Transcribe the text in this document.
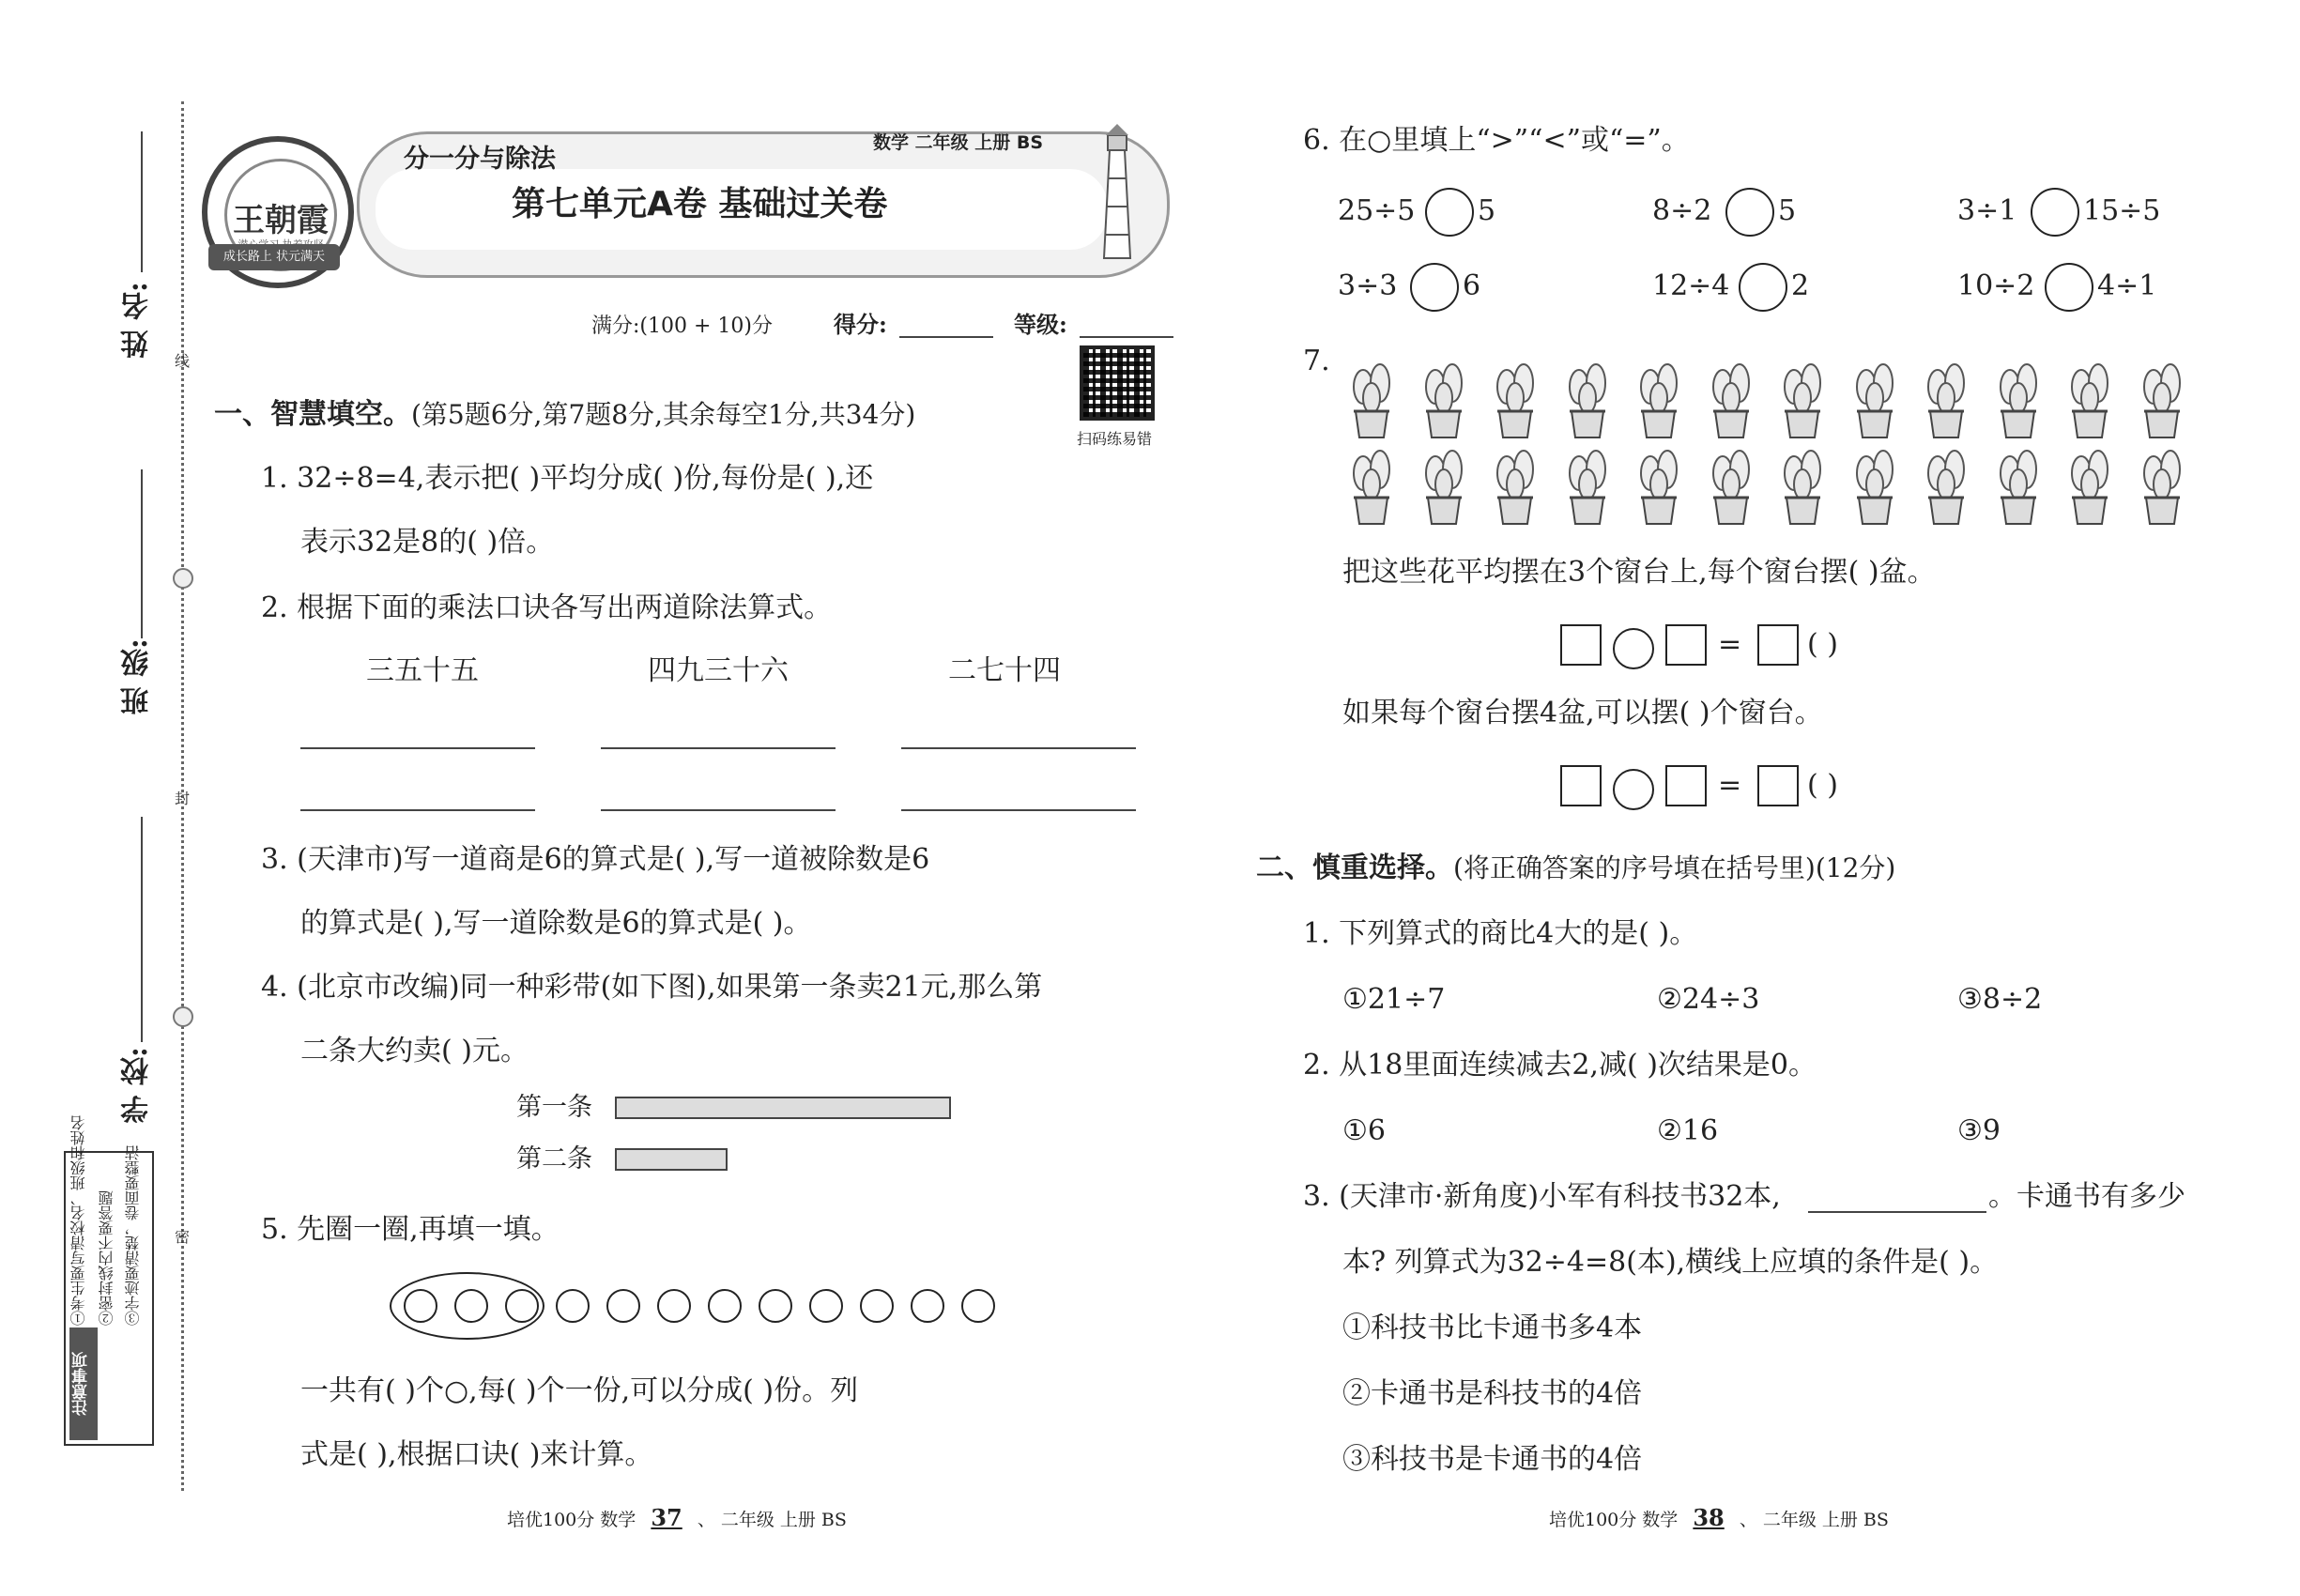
姓 名:
班 级:
学 校:
线
封
密
注意事项
①考生要写清校名、班级和姓名 ②密封线内不要答题 ③字迹要清楚，卷面要整洁
王朝霞
成长路上 状元满天
分一分与除法
数学 二年级 上册 BS
第七单元A卷 基础过关卷
满分:(100 + 10)分	得分:	等级:
扫码练易错
一、智慧填空。 (第5题6分,第7题8分,其余每空1分,共34分)
1. 32÷8=4,表示把( )平均分成( )份,每份是( ),还
表示32是8的( )倍。
2. 根据下面的乘法口诀各写出两道除法算式。
三五十五	四九三十六	二七十四
3. (天津市)写一道商是6的算式是( ),写一道被除数是6
的算式是( ),写一道除数是6的算式是( )。
4. (北京市改编)同一种彩带(如下图),如果第一条卖21元,那么第
二条大约卖( )元。
第一条
第二条
5. 先圈一圈,再填一填。
一共有( )个○,每( )个一份,可以分成( )份。列
式是( ),根据口诀( )来计算。
6. 在○里填上“>”“<”或“=”。
25÷5 5	8÷2 5	3÷1 15÷5
3÷3 6	12÷4 2	10÷2 4÷1
7.
把这些花平均摆在3个窗台上,每个窗台摆( )盆。
= ( )
如果每个窗台摆4盆,可以摆( )个窗台。
= ( )
二、慎重选择。 (将正确答案的序号填在括号里)(12分)
1. 下列算式的商比4大的是( )。
①21÷7	②24÷3	③8÷2
2. 从18里面连续减去2,减( )次结果是0。
①6	②16	③9
3. (天津市·新角度)小军有科技书32本,	。卡通书有多少
本? 列算式为32÷4=8(本),横线上应填的条件是( )。
①科技书比卡通书多4本
②卡通书是科技书的4倍
③科技书是卡通书的4倍
培优100分 数学 37 、 二年级 上册 BS	培优100分 数学 38 、 二年级 上册 BS
